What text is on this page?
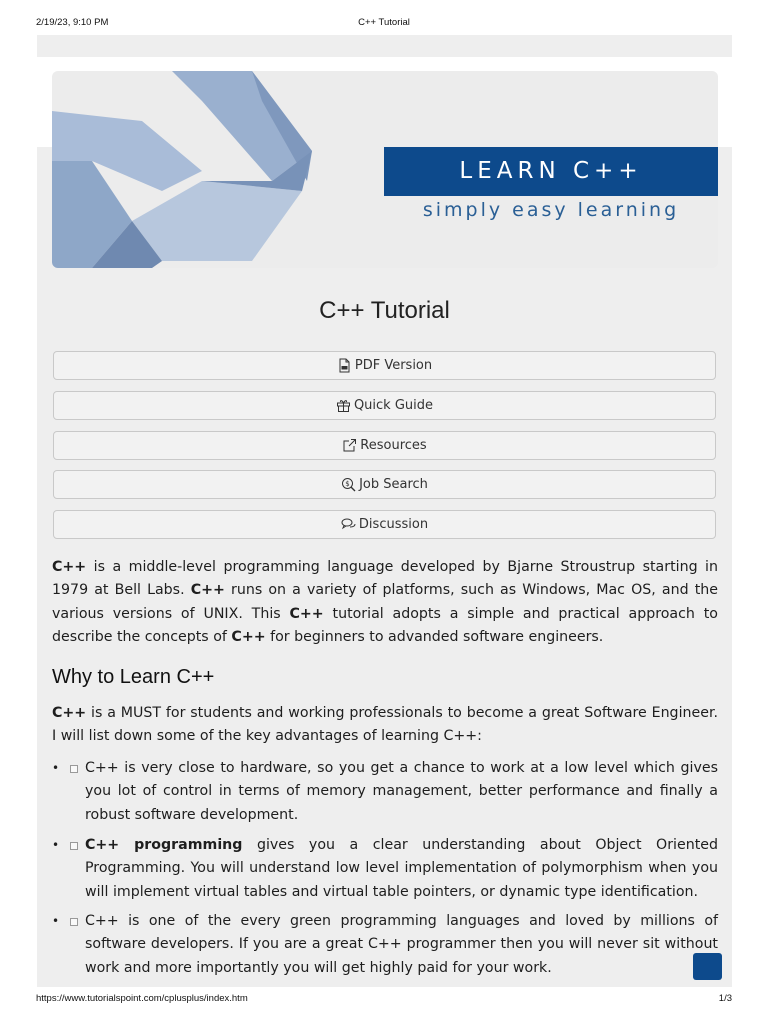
2/19/23, 9:10 PM	C++ Tutorial
LEARN C++
simply easy learning
C++ Tutorial
PDF Version
Quick Guide
Resources
$ Job Search
Discussion

C++ is a middle-level programming language developed by Bjarne Stroustrup starting in 1979 at Bell Labs. C++ runs on a variety of platforms, such as Windows, Mac OS, and the various versions of UNIX. This C++ tutorial adopts a simple and practical approach to describe the concepts of C++ for beginners to advanded software engineers.

Why to Learn C++

C++ is a MUST for students and working professionals to become a great Software Engineer. I will list down some of the key advantages of learning C++:

• C++ is very close to hardware, so you get a chance to work at a low level which gives you lot of control in terms of memory management, better performance and finally a robust software development.
• C++ programming gives you a clear understanding about Object Oriented Programming. You will understand low level implementation of polymorphism when you will implement virtual tables and virtual table pointers, or dynamic type identification.
• C++ is one of the every green programming languages and loved by millions of software developers. If you are a great C++ programmer then you will never sit without work and more importantly you will get highly paid for your work.
https://www.tutorialspoint.com/cplusplus/index.htm	1/3
